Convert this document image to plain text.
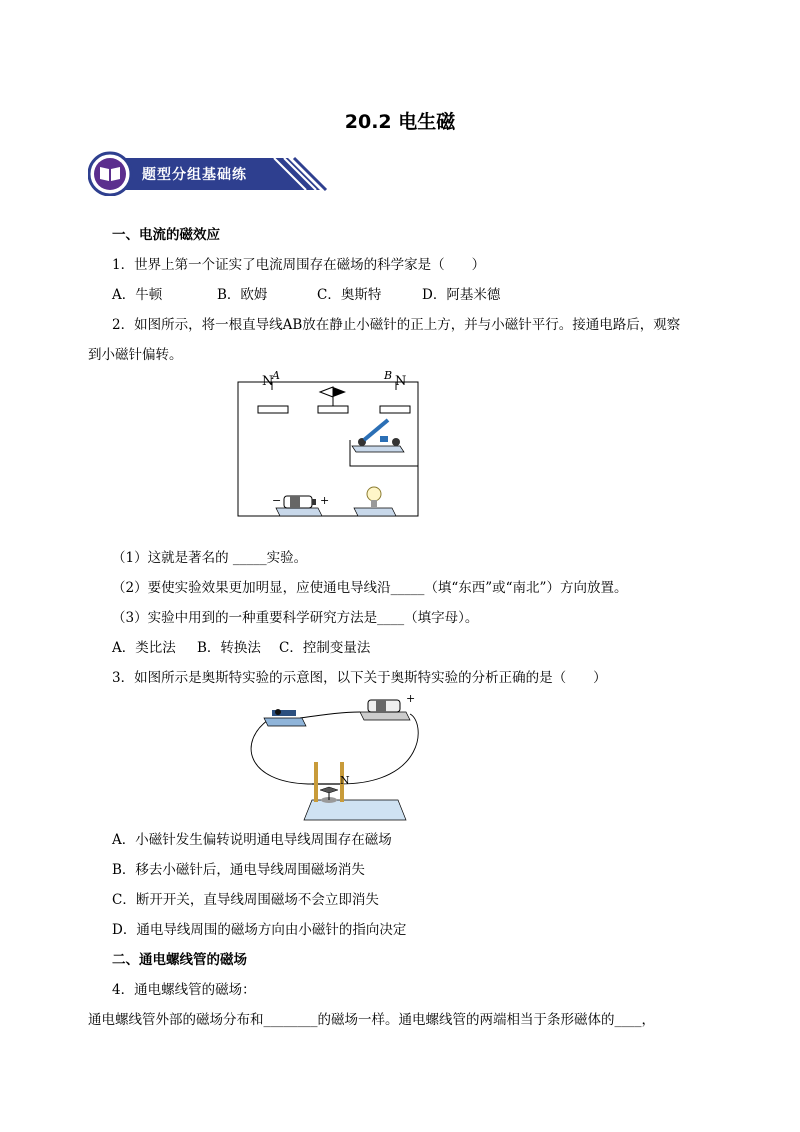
20.2 电生磁
题型分组基础练
一、电流的磁效应
1．世界上第一个证实了电流周围存在磁场的科学家是（　　）
A．牛顿	B．欧姆	C．奥斯特	D．阿基米德
2．如图所示，将一根直导线AB放在静止小磁针的正上方，并与小磁针平行。接通电路后，观察
到小磁针偏转。
A	B
N	N
−	+
（1）这就是著名的 _____实验。
（2）要使实验效果更加明显，应使通电导线沿_____（填“东西”或“南北”）方向放置。
（3）实验中用到的一种重要科学研究方法是____（填字母）。
A．类比法 B．转换法 C．控制变量法
3．如图所示是奥斯特实验的示意图，以下关于奥斯特实验的分析正确的是（　　）
N
+
A．小磁针发生偏转说明通电导线周围存在磁场
B．移去小磁针后，通电导线周围磁场消失
C．断开开关，直导线周围磁场不会立即消失
D．通电导线周围的磁场方向由小磁针的指向决定
二、通电螺线管的磁场
4．通电螺线管的磁场：
通电螺线管外部的磁场分布和________的磁场一样。通电螺线管的两端相当于条形磁体的____，
